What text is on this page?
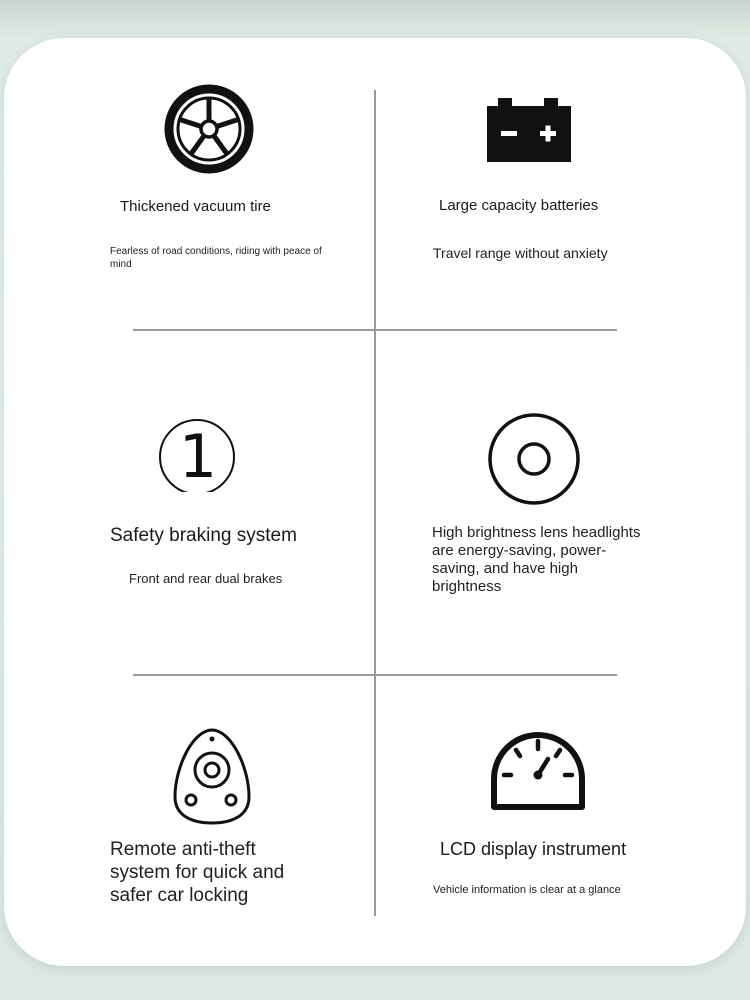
Thickened vacuum tire
Fearless of road conditions, riding with peace of mind
Large capacity batteries
Travel range without anxiety
1
Safety braking system
Front and rear dual brakes
High brightness lens headlights are energy-saving, power-saving, and have high brightness
Remote anti-theft system for quick and safer car locking
LCD display instrument
Vehicle information is clear at a glance
